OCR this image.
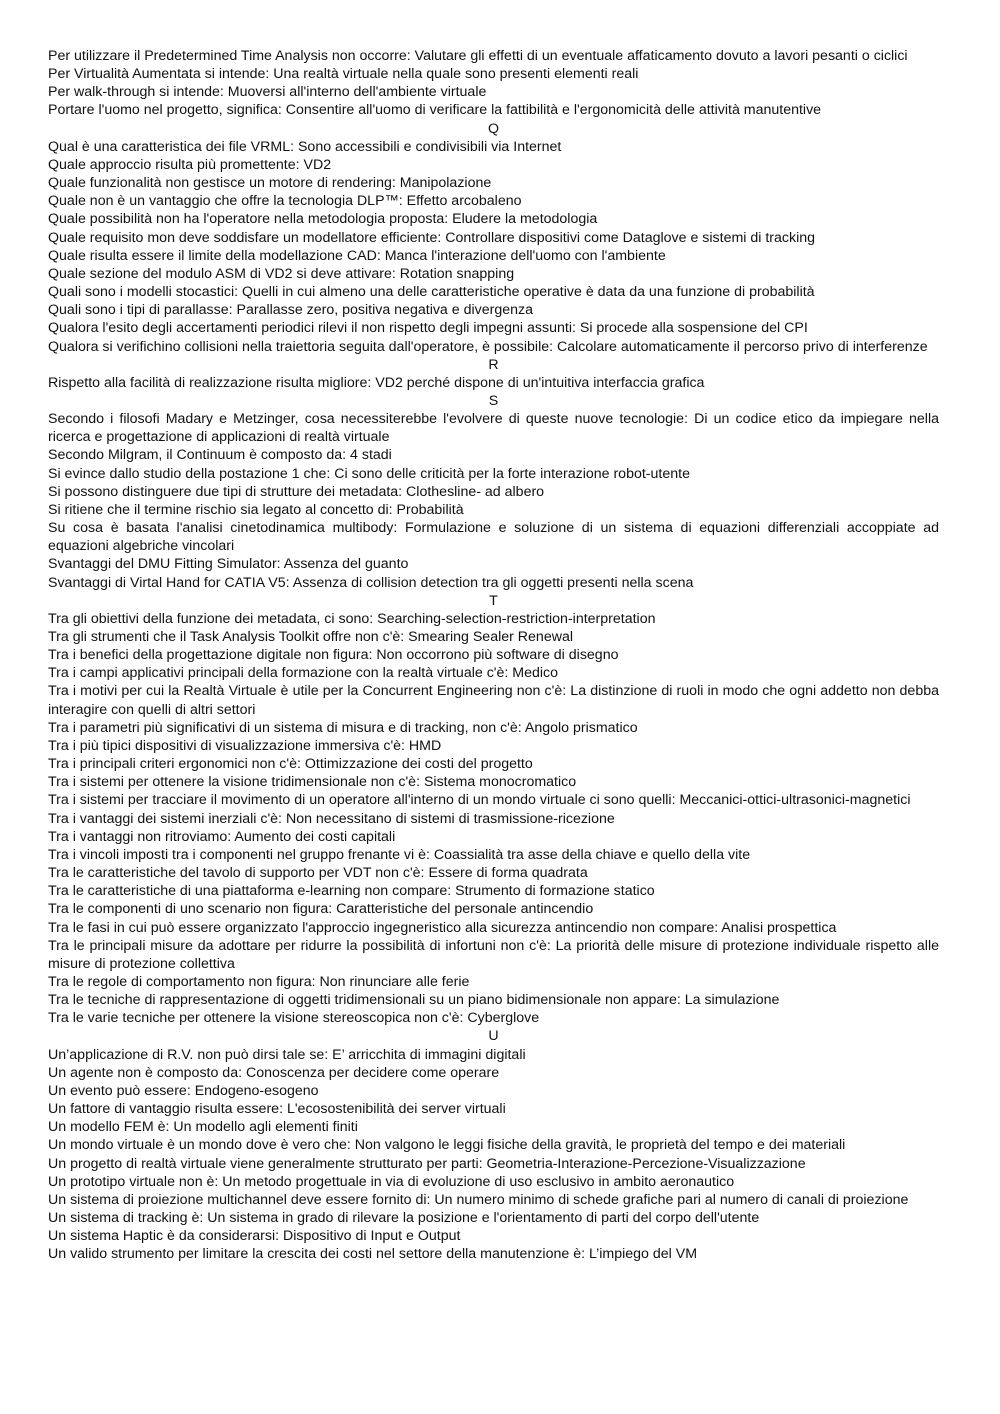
Per utilizzare il Predetermined Time Analysis non occorre: Valutare gli effetti di un eventuale affaticamento dovuto a lavori pesanti o ciclici

Per Virtualità Aumentata si intende: Una realtà virtuale nella quale sono presenti elementi reali

Per walk-through si intende: Muoversi all'interno dell'ambiente virtuale

Portare l'uomo nel progetto, significa: Consentire all'uomo di verificare la fattibilità e l'ergonomicità delle attività manutentive

Q

Qual è una caratteristica dei file VRML: Sono accessibili e condivisibili via Internet

Quale approccio risulta più promettente: VD2

Quale funzionalità non gestisce un motore di rendering: Manipolazione

Quale non è un vantaggio che offre la tecnologia DLP™: Effetto arcobaleno

Quale possibilità non ha l'operatore nella metodologia proposta: Eludere la metodologia

Quale requisito mon deve soddisfare un modellatore efficiente: Controllare dispositivi come Dataglove e sistemi di tracking

Quale risulta essere il limite della modellazione CAD: Manca l'interazione dell'uomo con l'ambiente

Quale sezione del modulo ASM di VD2 si deve attivare: Rotation snapping

Quali sono i modelli stocastici: Quelli in cui almeno una delle caratteristiche operative è data da una funzione di probabilità

Quali sono i tipi di parallasse: Parallasse zero, positiva negativa e divergenza

Qualora l'esito degli accertamenti periodici rilevi il non rispetto degli impegni assunti: Si procede alla sospensione del CPI

Qualora si verifichino collisioni nella traiettoria seguita dall'operatore, è possibile: Calcolare automaticamente il percorso privo di interferenze

R

Rispetto alla facilità di realizzazione risulta migliore: VD2 perché dispone di un'intuitiva interfaccia grafica

S

Secondo i filosofi Madary e Metzinger, cosa necessiterebbe l'evolvere di queste nuove tecnologie: Di un codice etico da impiegare nella ricerca e progettazione di applicazioni di realtà virtuale

Secondo Milgram, il Continuum è composto da: 4 stadi

Si evince dallo studio della postazione 1 che: Ci sono delle criticità per la forte interazione robot-utente

Si possono distinguere due tipi di strutture dei metadata: Clothesline- ad albero

Si ritiene che il termine rischio sia legato al concetto di: Probabilità

Su cosa è basata l'analisi cinetodinamica multibody: Formulazione e soluzione di un sistema di equazioni differenziali accoppiate ad equazioni algebriche vincolari

Svantaggi del DMU Fitting Simulator: Assenza del guanto

Svantaggi di Virtal Hand for CATIA V5: Assenza di collision detection tra gli oggetti presenti nella scena

T

Tra gli obiettivi della funzione dei metadata, ci sono: Searching-selection-restriction-interpretation

Tra gli strumenti che il Task Analysis Toolkit offre non c'è: Smearing Sealer Renewal

Tra i benefici della progettazione digitale non figura: Non occorrono più software di disegno

Tra i campi applicativi principali della formazione con la realtà virtuale c'è: Medico

Tra i motivi per cui la Realtà Virtuale è utile per la Concurrent Engineering non c'è: La distinzione di ruoli in modo che ogni addetto non debba interagire con quelli di altri settori

Tra i parametri più significativi di un sistema di misura e di tracking, non c'è: Angolo prismatico

Tra i più tipici dispositivi di visualizzazione immersiva c'è: HMD

Tra i principali criteri ergonomici non c'è: Ottimizzazione dei costi del progetto

Tra i sistemi per ottenere la visione tridimensionale non c'è: Sistema monocromatico

Tra i sistemi per tracciare il movimento di un operatore all'interno di un mondo virtuale ci sono quelli: Meccanici-ottici-ultrasonici-magnetici

Tra i vantaggi dei sistemi inerziali c'è: Non necessitano di sistemi di trasmissione-ricezione

Tra i vantaggi non ritroviamo: Aumento dei costi capitali

Tra i vincoli imposti tra i componenti nel gruppo frenante vi è: Coassialità tra asse della chiave e quello della vite

Tra le caratteristiche del tavolo di supporto per VDT non c'è: Essere di forma quadrata

Tra le caratteristiche di una piattaforma e-learning non compare: Strumento di formazione statico

Tra le componenti di uno scenario non figura: Caratteristiche del personale antincendio

Tra le fasi in cui può essere organizzato l'approccio ingegneristico alla sicurezza antincendio non compare: Analisi prospettica

Tra le principali misure da adottare per ridurre la possibilità di infortuni non c'è: La priorità delle misure di protezione individuale rispetto alle misure di protezione collettiva

Tra le regole di comportamento non figura: Non rinunciare alle ferie

Tra le tecniche di rappresentazione di oggetti tridimensionali su un piano bidimensionale non appare: La simulazione

Tra le varie tecniche per ottenere la visione stereoscopica non c'è: Cyberglove

U

Un’applicazione di R.V. non può dirsi tale se: E’ arricchita di immagini digitali

Un agente non è composto da: Conoscenza per decidere come operare

Un evento può essere: Endogeno-esogeno

Un fattore di vantaggio risulta essere: L'ecosostenibilità dei server virtuali

Un modello FEM è: Un modello agli elementi finiti

Un mondo virtuale è un mondo dove è vero che: Non valgono le leggi fisiche della gravità, le proprietà del tempo e dei materiali

Un progetto di realtà virtuale viene generalmente strutturato per parti: Geometria-Interazione-Percezione-Visualizzazione

Un prototipo virtuale non è: Un metodo progettuale in via di evoluzione di uso esclusivo in ambito aeronautico

Un sistema di proiezione multichannel deve essere fornito di: Un numero minimo di schede grafiche pari al numero di canali di proiezione

Un sistema di tracking è: Un sistema in grado di rilevare la posizione e l'orientamento di parti del corpo dell'utente

Un sistema Haptic è da considerarsi: Dispositivo di Input e Output

Un valido strumento per limitare la crescita dei costi nel settore della manutenzione è: L’impiego del VM
